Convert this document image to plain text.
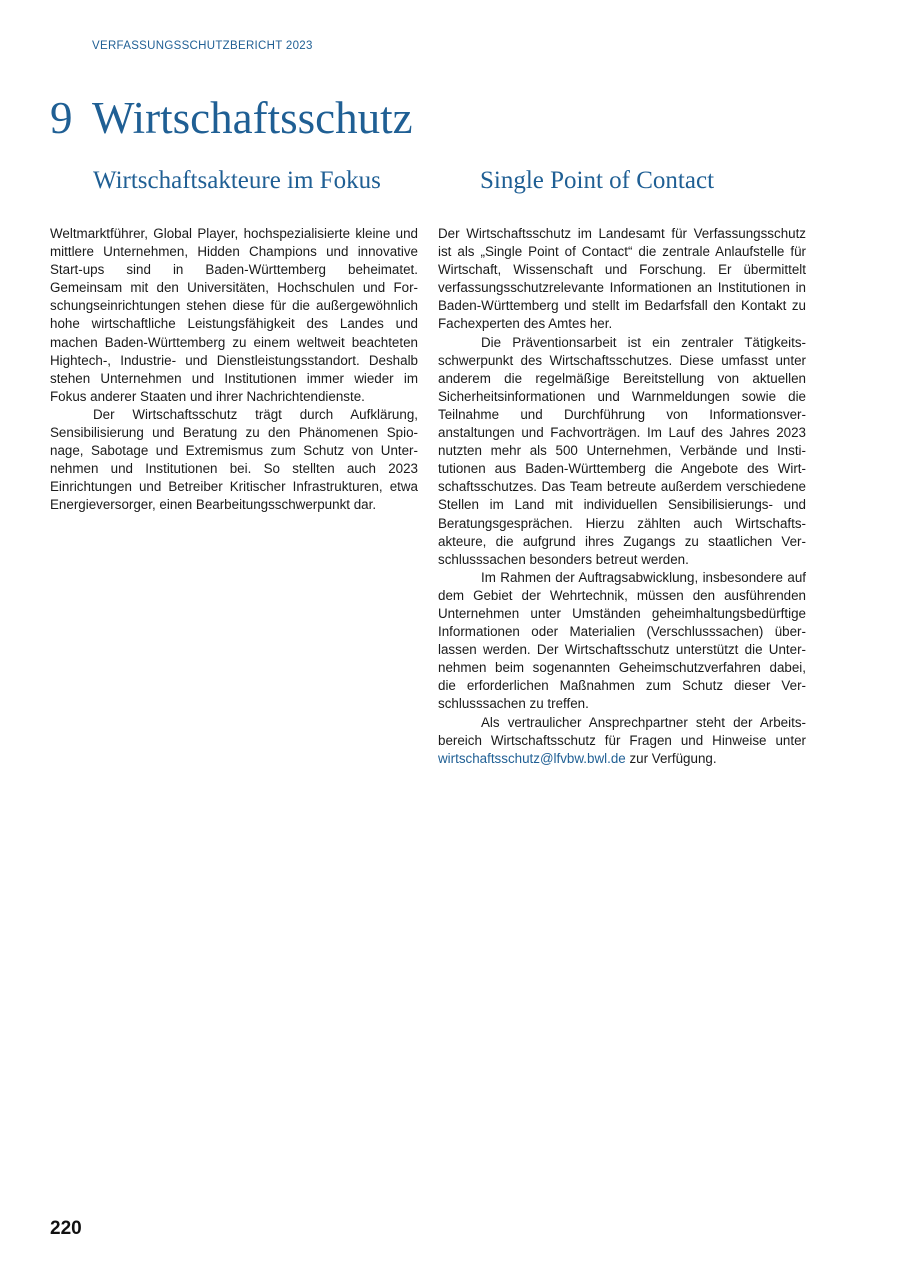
VERFASSUNGSSCHUTZBERICHT 2023
9 Wirtschaftsschutz
Wirtschaftsakteure im Fokus

Weltmarktführer, Global Player, hochspezialisierte kleine und mittlere Unternehmen, Hidden Champions und innovative Start-ups sind in Baden-Württemberg beheimatet. Gemeinsam mit den Universitäten, Hochschulen und For-schungseinrichtungen stehen diese für die außergewöhnlich hohe wirtschaftliche Leistungsfähigkeit des Landes und machen Baden-Württemberg zu einem weltweit beachteten Hightech-, Industrie- und Dienstleistungsstandort. Deshalb stehen Unternehmen und Institutionen immer wieder im Fokus anderer Staaten und ihrer Nachrichtendienste.

Der Wirtschaftsschutz trägt durch Aufklärung, Sensibilisierung und Beratung zu den Phänomenen Spionage, Sabotage und Extremismus zum Schutz von Unternehmen und Institutionen bei. So stellten auch 2023 Einrichtungen und Betreiber Kritischer Infrastrukturen, etwa Energieversorger, einen Bearbeitungsschwerpunkt dar.

Single Point of Contact

Der Wirtschaftsschutz im Landesamt für Verfassungsschutz ist als „Single Point of Contact“ die zentrale Anlaufstelle für Wirtschaft, Wissenschaft und Forschung. Er übermittelt verfassungsschutzrelevante Informationen an Institutionen in Baden-Württemberg und stellt im Bedarfsfall den Kontakt zu Fachexperten des Amtes her.

Die Präventionsarbeit ist ein zentraler Tätigkeitsschwerpunkt des Wirtschaftsschutzes. Diese umfasst unter anderem die regelmäßige Bereitstellung von aktuellen Sicherheitsinformationen und Warnmeldungen sowie die Teilnahme und Durchführung von Informationsveranstaltungen und Fachvorträgen. Im Lauf des Jahres 2023 nutzten mehr als 500 Unternehmen, Verbände und Institutionen aus Baden-Württemberg die Angebote des Wirtschaftsschutzes. Das Team betreute außerdem verschiedene Stellen im Land mit individuellen Sensibilisierungs- und Beratungsgesprächen. Hierzu zählten auch Wirtschaftsakteure, die aufgrund ihres Zugangs zu staatlichen Verschlusssachen besonders betreut werden.

Im Rahmen der Auftragsabwicklung, insbesondere auf dem Gebiet der Wehrtechnik, müssen den ausführenden Unternehmen unter Umständen geheimhaltungsbedürftige Informationen oder Materialien (Verschlusssachen) überlassen werden. Der Wirtschaftsschutz unterstützt die Unternehmen beim sogenannten Geheimschutzverfahren dabei, die erforderlichen Maßnahmen zum Schutz dieser Verschlusssachen zu treffen.

Als vertraulicher Ansprechpartner steht der Arbeitsbereich Wirtschaftsschutz für Fragen und Hinweise unter wirtschaftsschutz@lfvbw.bwl.de zur Verfügung.

220
